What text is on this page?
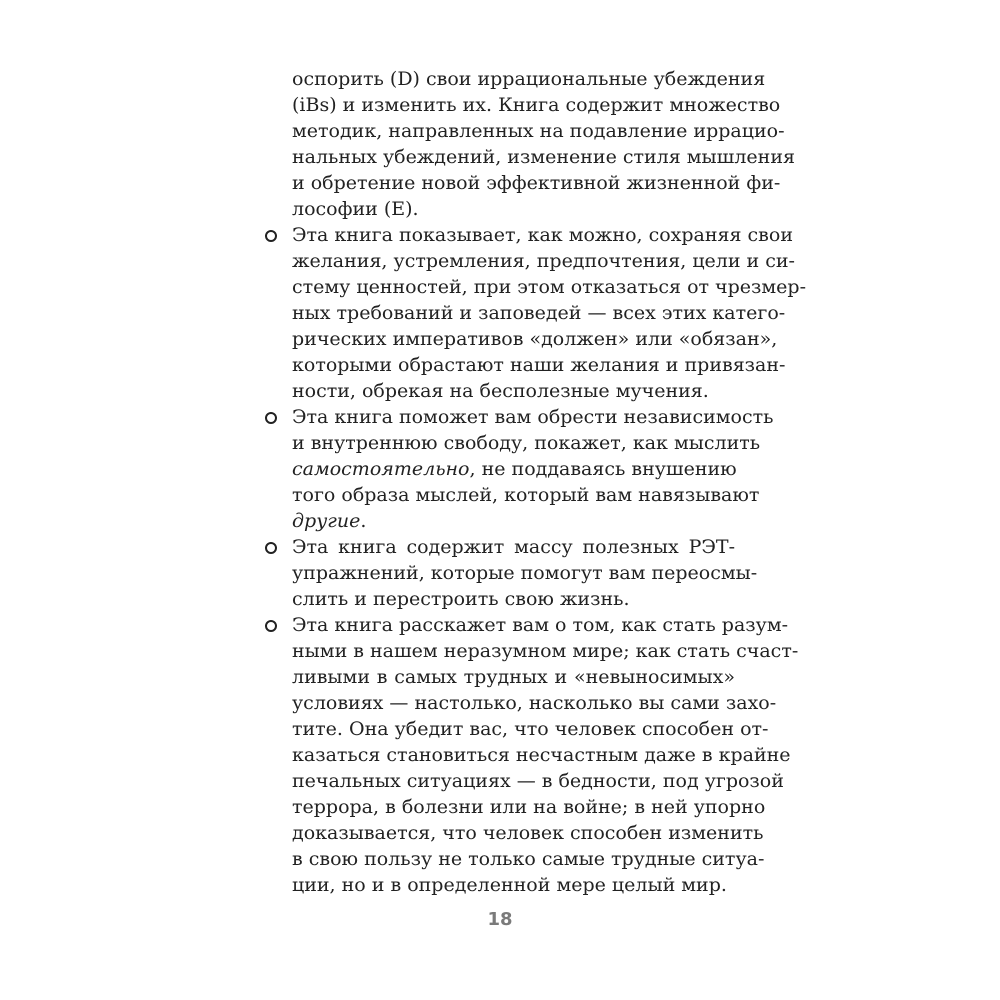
оспорить (D) свои иррациональные убеждения
(iBs) и изменить их. Книга содержит множество
методик, направленных на подавление иррацио-
нальных убеждений, изменение стиля мышления
и обретение новой эффективной жизненной фи-
лософии (E).

Эта книга показывает, как можно, сохраняя свои
желания, устремления, предпочтения, цели и си-
стему ценностей, при этом отказаться от чрезмер-
ных требований и заповедей — всех этих катего-
рических императивов «должен» или «обязан»,
которыми обрастают наши желания и привязан-
ности, обрекая на бесполезные мучения.

Эта книга поможет вам обрести независимость
и внутреннюю свободу, покажет, как мыслить
самостоятельно, не поддаваясь внушению
того образа мыслей, который вам навязывают
другие.

Эта книга содержит массу полезных РЭТ-
упражнений, которые помогут вам переосмы-
слить и перестроить свою жизнь.

Эта книга расскажет вам о том, как стать разум-
ными в нашем неразумном мире; как стать счаст-
ливыми в самых трудных и «невыносимых»
условиях — настолько, насколько вы сами захо-
тите. Она убедит вас, что человек способен от-
казаться становиться несчастным даже в крайне
печальных ситуациях — в бедности, под угрозой
террора, в болезни или на войне; в ней упорно
доказывается, что человек способен изменить
в свою пользу не только самые трудные ситуа-
ции, но и в определенной мере целый мир.

18
